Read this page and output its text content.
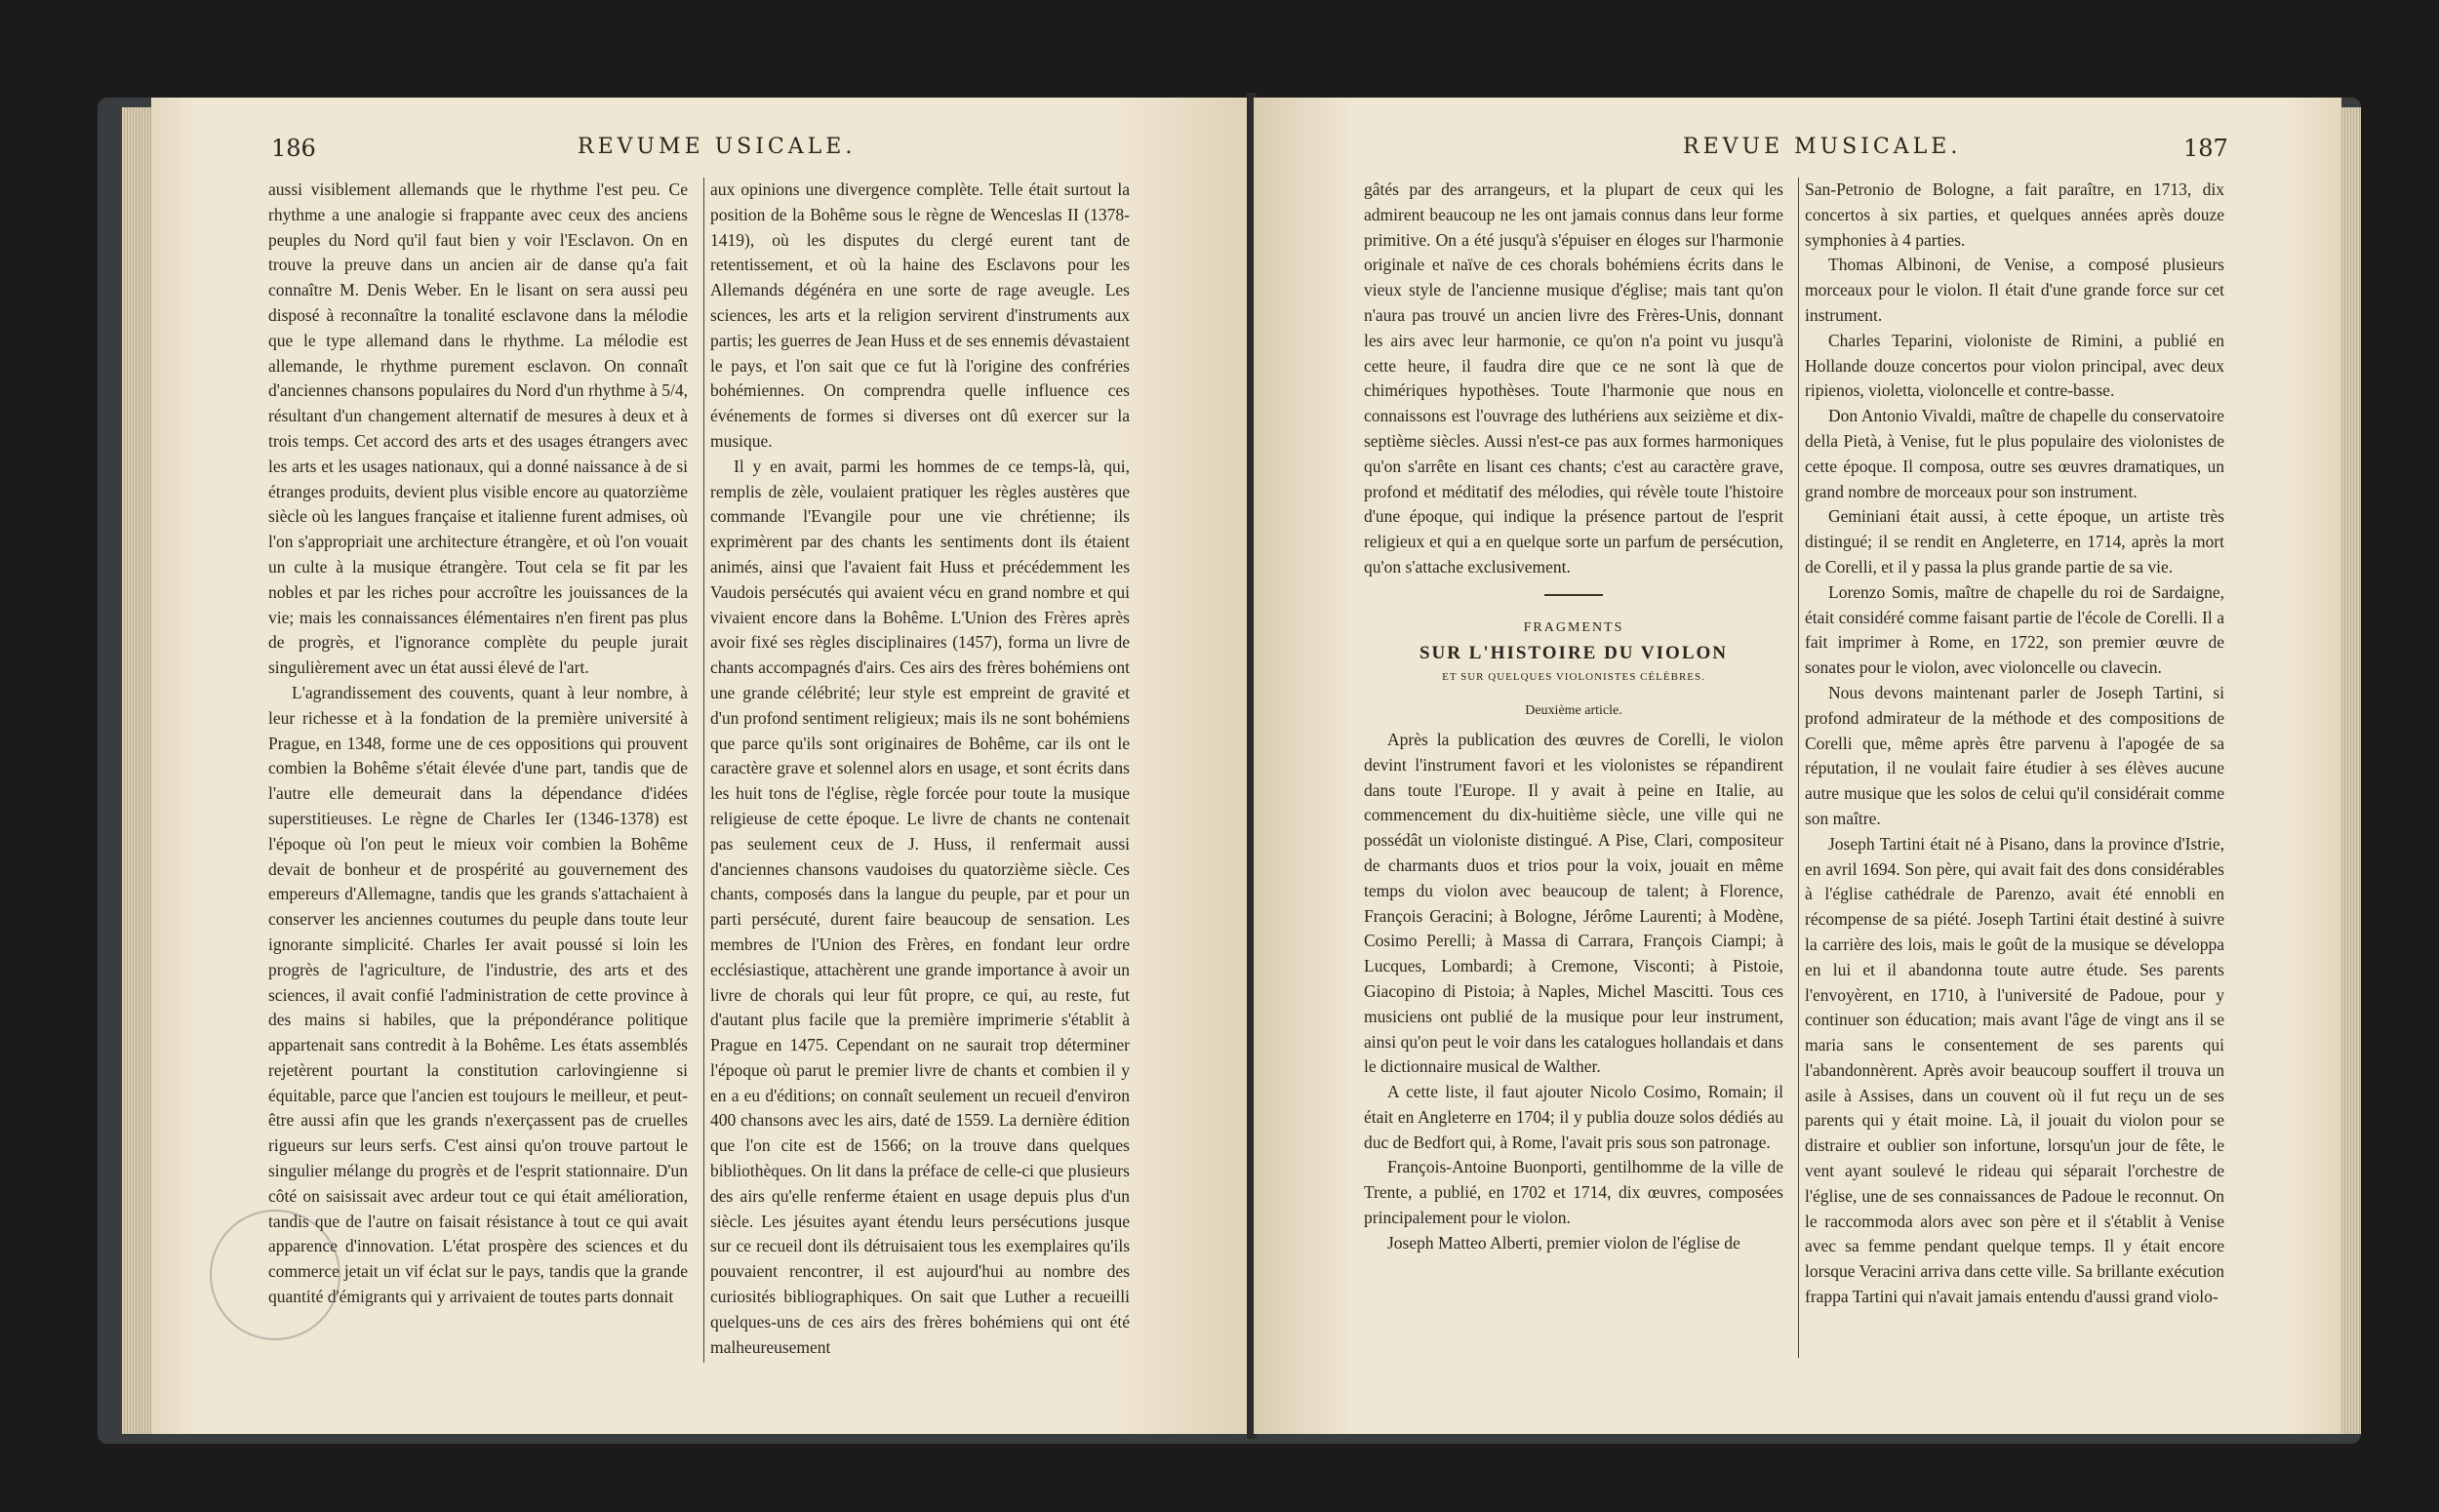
186	REVUME USICALE.

aussi visiblement allemands que le rhythme l'est peu. Ce rhythme a une analogie si frappante avec ceux des anciens peuples du Nord qu'il faut bien y voir l'Esclavon. On en trouve la preuve dans un ancien air de danse qu'a fait connaître M. Denis Weber. En le lisant on sera aussi peu disposé à reconnaître la tonalité esclavone dans la mélodie que le type allemand dans le rhythme. La mélodie est allemande, le rhythme purement esclavon. On connaît d'anciennes chansons populaires du Nord d'un rhythme à 5/4, résultant d'un changement alternatif de mesures à deux et à trois temps. Cet accord des arts et des usages étrangers avec les arts et les usages nationaux, qui a donné naissance à de si étranges produits, devient plus visible encore au quatorzième siècle où les langues française et italienne furent admises, où l'on s'appropriait une architecture étrangère, et où l'on vouait un culte à la musique étrangère. Tout cela se fit par les nobles et par les riches pour accroître les jouissances de la vie; mais les connaissances élémentaires n'en firent pas plus de progrès, et l'ignorance complète du peuple jurait singulièrement avec un état aussi élevé de l'art.

L'agrandissement des couvents, quant à leur nombre, à leur richesse et à la fondation de la première université à Prague, en 1348, forme une de ces oppositions qui prouvent combien la Bohême s'était élevée d'une part, tandis que de l'autre elle demeurait dans la dépendance d'idées superstitieuses. Le règne de Charles Ier (1346-1378) est l'époque où l'on peut le mieux voir combien la Bohême devait de bonheur et de prospérité au gouvernement des empereurs d'Allemagne, tandis que les grands s'attachaient à conserver les anciennes coutumes du peuple dans toute leur ignorante simplicité. Charles Ier avait poussé si loin les progrès de l'agriculture, de l'industrie, des arts et des sciences, il avait confié l'administration de cette province à des mains si habiles, que la prépondérance politique appartenait sans contredit à la Bohême. Les états assemblés rejetèrent pourtant la constitution carlovingienne si équitable, parce que l'ancien est toujours le meilleur, et peut-être aussi afin que les grands n'exerçassent pas de cruelles rigueurs sur leurs serfs. C'est ainsi qu'on trouve partout le singulier mélange du progrès et de l'esprit stationnaire. D'un côté on saisissait avec ardeur tout ce qui était amélioration, tandis que de l'autre on faisait résistance à tout ce qui avait apparence d'innovation. L'état prospère des sciences et du commerce jetait un vif éclat sur le pays, tandis que la grande quantité d'émigrants qui y arrivaient de toutes parts donnait

aux opinions une divergence complète. Telle était surtout la position de la Bohême sous le règne de Wenceslas II (1378-1419), où les disputes du clergé eurent tant de retentissement, et où la haine des Esclavons pour les Allemands dégénéra en une sorte de rage aveugle. Les sciences, les arts et la religion servirent d'instruments aux partis; les guerres de Jean Huss et de ses ennemis dévastaient le pays, et l'on sait que ce fut là l'origine des confréries bohémiennes. On comprendra quelle influence ces événements de formes si diverses ont dû exercer sur la musique.

Il y en avait, parmi les hommes de ce temps-là, qui, remplis de zèle, voulaient pratiquer les règles austères que commande l'Evangile pour une vie chrétienne; ils exprimèrent par des chants les sentiments dont ils étaient animés, ainsi que l'avaient fait Huss et précédemment les Vaudois persécutés qui avaient vécu en grand nombre et qui vivaient encore dans la Bohême. L'Union des Frères après avoir fixé ses règles disciplinaires (1457), forma un livre de chants accompagnés d'airs. Ces airs des frères bohémiens ont une grande célébrité; leur style est empreint de gravité et d'un profond sentiment religieux; mais ils ne sont bohémiens que parce qu'ils sont originaires de Bohême, car ils ont le caractère grave et solennel alors en usage, et sont écrits dans les huit tons de l'église, règle forcée pour toute la musique religieuse de cette époque. Le livre de chants ne contenait pas seulement ceux de J. Huss, il renfermait aussi d'anciennes chansons vaudoises du quatorzième siècle. Ces chants, composés dans la langue du peuple, par et pour un parti persécuté, durent faire beaucoup de sensation. Les membres de l'Union des Frères, en fondant leur ordre ecclésiastique, attachèrent une grande importance à avoir un livre de chorals qui leur fût propre, ce qui, au reste, fut d'autant plus facile que la première imprimerie s'établit à Prague en 1475. Cependant on ne saurait trop déterminer l'époque où parut le premier livre de chants et combien il y en a eu d'éditions; on connaît seulement un recueil d'environ 400 chansons avec les airs, daté de 1559. La dernière édition que l'on cite est de 1566; on la trouve dans quelques bibliothèques. On lit dans la préface de celle-ci que plusieurs des airs qu'elle renferme étaient en usage depuis plus d'un siècle. Les jésuites ayant étendu leurs persécutions jusque sur ce recueil dont ils détruisaient tous les exemplaires qu'ils pouvaient rencontrer, il est aujourd'hui au nombre des curiosités bibliographiques. On sait que Luther a recueilli quelques-uns de ces airs des frères bohémiens qui ont été malheureusement

REVUE MUSICALE.	187

gâtés par des arrangeurs, et la plupart de ceux qui les admirent beaucoup ne les ont jamais connus dans leur forme primitive. On a été jusqu'à s'épuiser en éloges sur l'harmonie originale et naïve de ces chorals bohémiens écrits dans le vieux style de l'ancienne musique d'église; mais tant qu'on n'aura pas trouvé un ancien livre des Frères-Unis, donnant les airs avec leur harmonie, ce qu'on n'a point vu jusqu'à cette heure, il faudra dire que ce ne sont là que de chimériques hypothèses. Toute l'harmonie que nous en connaissons est l'ouvrage des luthériens aux seizième et dix-septième siècles. Aussi n'est-ce pas aux formes harmoniques qu'on s'arrête en lisant ces chants; c'est au caractère grave, profond et méditatif des mélodies, qui révèle toute l'histoire d'une époque, qui indique la présence partout de l'esprit religieux et qui a en quelque sorte un parfum de persécution, qu'on s'attache exclusivement.

FRAGMENTS

SUR L'HISTOIRE DU VIOLON

ET SUR QUELQUES VIOLONISTES CÉLÈBRES.

Deuxième article.

Après la publication des œuvres de Corelli, le violon devint l'instrument favori et les violonistes se répandirent dans toute l'Europe. Il y avait à peine en Italie, au commencement du dix-huitième siècle, une ville qui ne possédât un violoniste distingué. A Pise, Clari, compositeur de charmants duos et trios pour la voix, jouait en même temps du violon avec beaucoup de talent; à Florence, François Geracini; à Bologne, Jérôme Laurenti; à Modène, Cosimo Perelli; à Massa di Carrara, François Ciampi; à Lucques, Lombardi; à Cremone, Visconti; à Pistoie, Giacopino di Pistoia; à Naples, Michel Mascitti. Tous ces musiciens ont publié de la musique pour leur instrument, ainsi qu'on peut le voir dans les catalogues hollandais et dans le dictionnaire musical de Walther.

A cette liste, il faut ajouter Nicolo Cosimo, Romain; il était en Angleterre en 1704; il y publia douze solos dédiés au duc de Bedfort qui, à Rome, l'avait pris sous son patronage.

François-Antoine Buonporti, gentilhomme de la ville de Trente, a publié, en 1702 et 1714, dix œuvres, composées principalement pour le violon.

Joseph Matteo Alberti, premier violon de l'église de

San-Petronio de Bologne, a fait paraître, en 1713, dix concertos à six parties, et quelques années après douze symphonies à 4 parties.

Thomas Albinoni, de Venise, a composé plusieurs morceaux pour le violon. Il était d'une grande force sur cet instrument.

Charles Teparini, violoniste de Rimini, a publié en Hollande douze concertos pour violon principal, avec deux ripienos, violetta, violoncelle et contre-basse.

Don Antonio Vivaldi, maître de chapelle du conservatoire della Pietà, à Venise, fut le plus populaire des violonistes de cette époque. Il composa, outre ses œuvres dramatiques, un grand nombre de morceaux pour son instrument.

Geminiani était aussi, à cette époque, un artiste très distingué; il se rendit en Angleterre, en 1714, après la mort de Corelli, et il y passa la plus grande partie de sa vie.

Lorenzo Somis, maître de chapelle du roi de Sardaigne, était considéré comme faisant partie de l'école de Corelli. Il a fait imprimer à Rome, en 1722, son premier œuvre de sonates pour le violon, avec violoncelle ou clavecin.

Nous devons maintenant parler de Joseph Tartini, si profond admirateur de la méthode et des compositions de Corelli que, même après être parvenu à l'apogée de sa réputation, il ne voulait faire étudier à ses élèves aucune autre musique que les solos de celui qu'il considérait comme son maître.

Joseph Tartini était né à Pisano, dans la province d'Istrie, en avril 1694. Son père, qui avait fait des dons considérables à l'église cathédrale de Parenzo, avait été ennobli en récompense de sa piété. Joseph Tartini était destiné à suivre la carrière des lois, mais le goût de la musique se développa en lui et il abandonna toute autre étude. Ses parents l'envoyèrent, en 1710, à l'université de Padoue, pour y continuer son éducation; mais avant l'âge de vingt ans il se maria sans le consentement de ses parents qui l'abandonnèrent. Après avoir beaucoup souffert il trouva un asile à Assises, dans un couvent où il fut reçu un de ses parents qui y était moine. Là, il jouait du violon pour se distraire et oublier son infortune, lorsqu'un jour de fête, le vent ayant soulevé le rideau qui séparait l'orchestre de l'église, une de ses connaissances de Padoue le reconnut. On le raccommoda alors avec son père et il s'établit à Venise avec sa femme pendant quelque temps. Il y était encore lorsque Veracini arriva dans cette ville. Sa brillante exécution frappa Tartini qui n'avait jamais entendu d'aussi grand violo-
